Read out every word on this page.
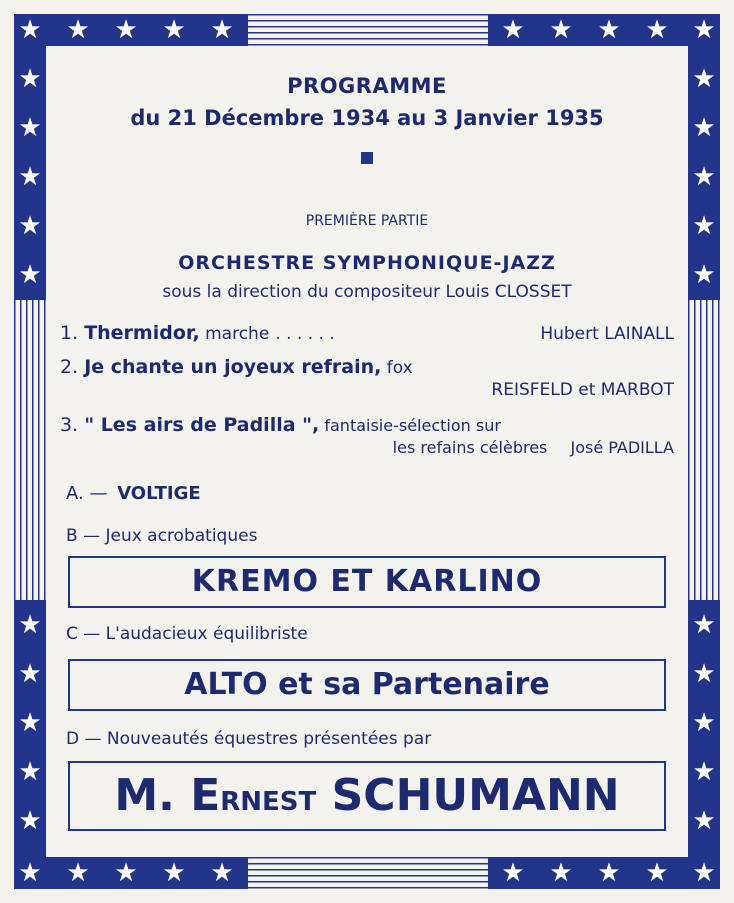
★ ★ ★ ★ ★	★ ★ ★ ★ ★
★
★
★
★
★
★
★
★
★
★
★
★
★
★
★
★
★
★
★
★
★ ★ ★ ★ ★	★ ★ ★ ★ ★
PROGRAMME
du 21 Décembre 1934 au 3 Janvier 1935
PREMIÈRE PARTIE
ORCHESTRE SYMPHONIQUE-JAZZ
sous la direction du compositeur Louis CLOSSET
1. Thermidor, marche . . . . . .	Hubert LAINALL
2. Je chante un joyeux refrain, fox
REISFELD et MARBOT
3. " Les airs de Padilla ", fantaisie-sélection sur
les refains célèbres José PADILLA
A. — VOLTIGE
B — Jeux acrobatiques
KREMO ET KARLINO
C — L'audacieux équilibriste
ALTO et sa Partenaire
D — Nouveautés équestres présentées par
M. ERNEST SCHUMANN
